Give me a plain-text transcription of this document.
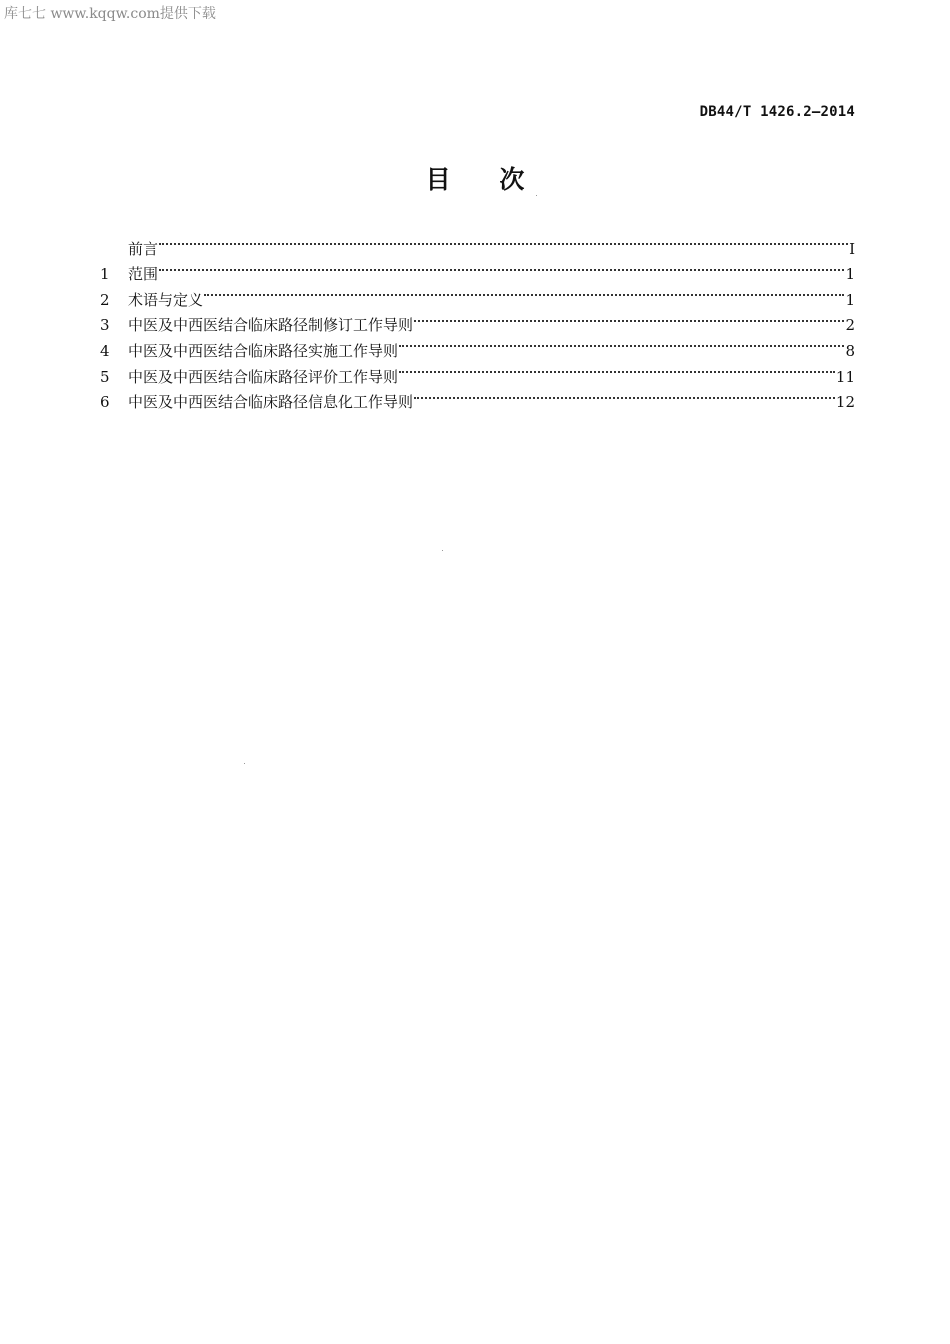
库七七 www.kqqw.com提供下载
DB44/T 1426.2—2014
目 次
前言	I
1	范围	1
2	术语与定义	1
3	中医及中西医结合临床路径制修订工作导则	2
4	中医及中西医结合临床路径实施工作导则	8
5	中医及中西医结合临床路径评价工作导则	11
6	中医及中西医结合临床路径信息化工作导则	12
